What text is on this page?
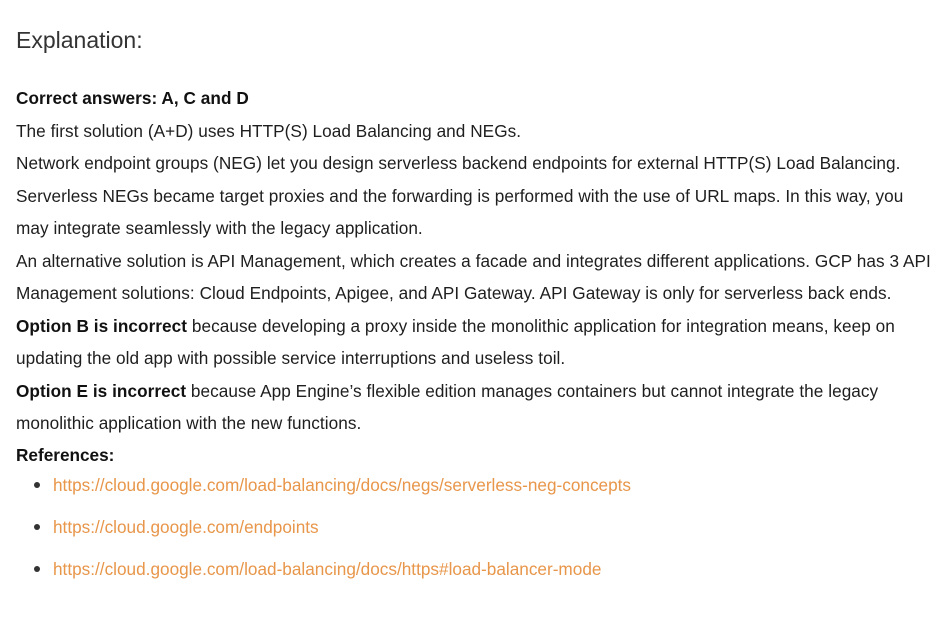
Explanation:

Correct answers: A, C and D

The first solution (A+D) uses HTTP(S) Load Balancing and NEGs.

Network endpoint groups (NEG) let you design serverless backend endpoints for external HTTP(S) Load Balancing. Serverless NEGs became target proxies and the forwarding is performed with the use of URL maps. In this way, you may integrate seamlessly with the legacy application.

An alternative solution is API Management, which creates a facade and integrates different applications. GCP has 3 API Management solutions: Cloud Endpoints, Apigee, and API Gateway. API Gateway is only for serverless back ends.

Option B is incorrect because developing a proxy inside the monolithic application for integration means, keep on updating the old app with possible service interruptions and useless toil.

Option E is incorrect because App Engine’s flexible edition manages containers but cannot integrate the legacy monolithic application with the new functions.

References:

https://cloud.google.com/load-balancing/docs/negs/serverless-neg-concepts
https://cloud.google.com/endpoints
https://cloud.google.com/load-balancing/docs/https#load-balancer-mode
